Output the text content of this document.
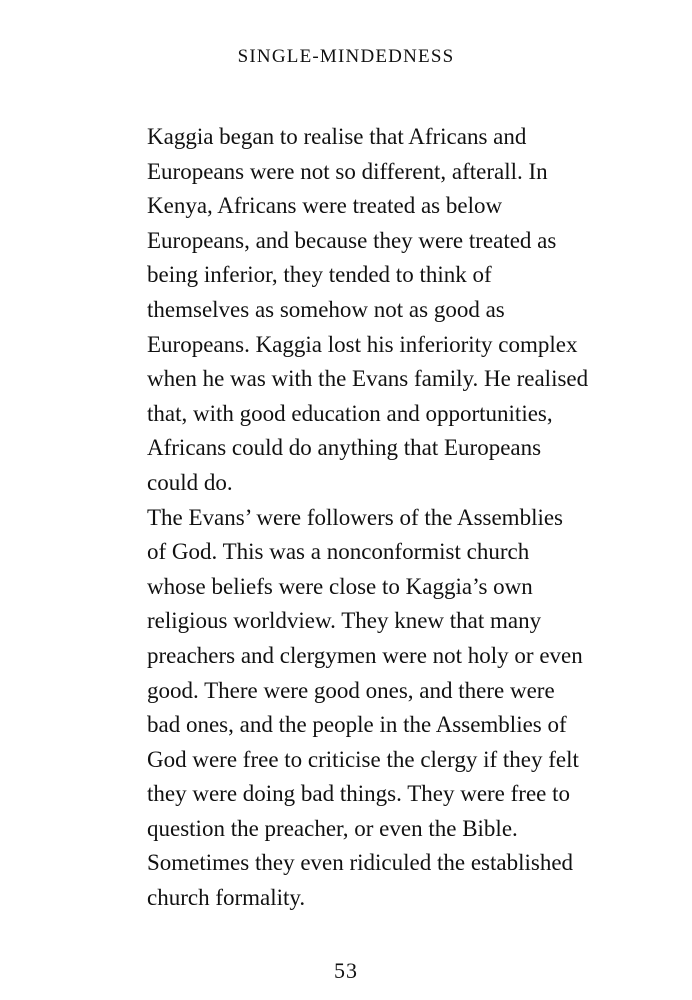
SINGLE-MINDEDNESS

Kaggia began to realise that Africans and
Europeans were not so different, afterall. In
Kenya, Africans were treated as below
Europeans, and because they were treated as
being inferior, they tended to think of
themselves as somehow not as good as
Europeans. Kaggia lost his inferiority complex
when he was with the Evans family. He realised
that, with good education and opportunities,
Africans could do anything that Europeans
could do.

The Evans’ were followers of the Assemblies
of God. This was a nonconformist church
whose beliefs were close to Kaggia’s own
religious worldview. They knew that many
preachers and clergymen were not holy or even
good. There were good ones, and there were
bad ones, and the people in the Assemblies of
God were free to criticise the clergy if they felt
they were doing bad things. They were free to
question the preacher, or even the Bible.
Sometimes they even ridiculed the established
church formality.

53
